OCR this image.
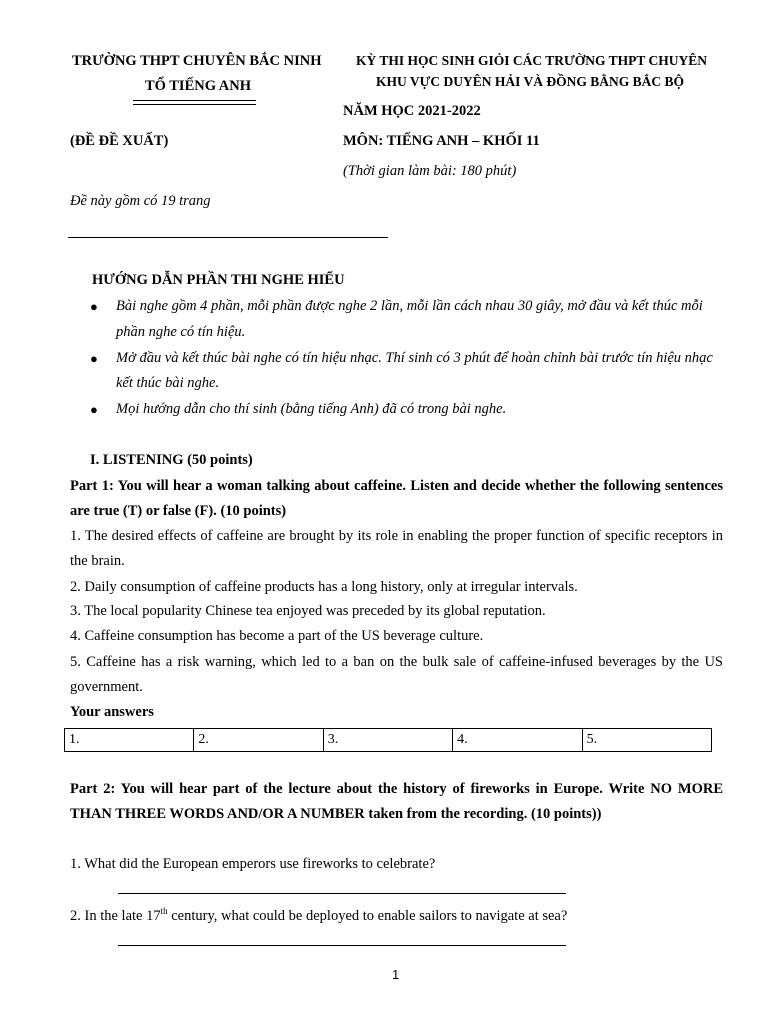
TRƯỜNG THPT CHUYÊN BẮC NINH
TỔ TIẾNG ANH
(ĐỀ ĐỀ XUẤT)
Đề này gồm có 19 trang
KỲ THI HỌC SINH GIỎI CÁC TRƯỜNG THPT CHUYÊN
KHU VỰC DUYÊN HẢI VÀ ĐỒNG BẰNG BẮC BỘ
NĂM HỌC 2021-2022
MÔN: TIẾNG ANH – KHỐI 11
(Thời gian làm bài: 180 phút)
HƯỚNG DẪN PHẦN THI NGHE HIỂU
● Bài nghe gồm 4 phần, mỗi phần được nghe 2 lần, mỗi lần cách nhau 30 giây, mở đầu và kết thúc mỗi phần nghe có tín hiệu.
● Mở đầu và kết thúc bài nghe có tín hiệu nhạc. Thí sinh có 3 phút để hoàn chỉnh bài trước tín hiệu nhạc kết thúc bài nghe.
● Mọi hướng dẫn cho thí sinh (bằng tiếng Anh) đã có trong bài nghe.
I. LISTENING (50 points)
Part 1: You will hear a woman talking about caffeine. Listen and decide whether the following sentences are true (T) or false (F). (10 points)
1. The desired effects of caffeine are brought by its role in enabling the proper function of specific receptors in the brain.
2. Daily consumption of caffeine products has a long history, only at irregular intervals.
3. The local popularity Chinese tea enjoyed was preceded by its global reputation.
4. Caffeine consumption has become a part of the US beverage culture.
5. Caffeine has a risk warning, which led to a ban on the bulk sale of caffeine-infused beverages by the US government.
Your answers
1.	2.	3.	4.	5.
Part 2: You will hear part of the lecture about the history of fireworks in Europe. Write NO MORE THAN THREE WORDS AND/OR A NUMBER taken from the recording. (10 points))
1. What did the European emperors use fireworks to celebrate?
2. In the late 17th century, what could be deployed to enable sailors to navigate at sea?
1
